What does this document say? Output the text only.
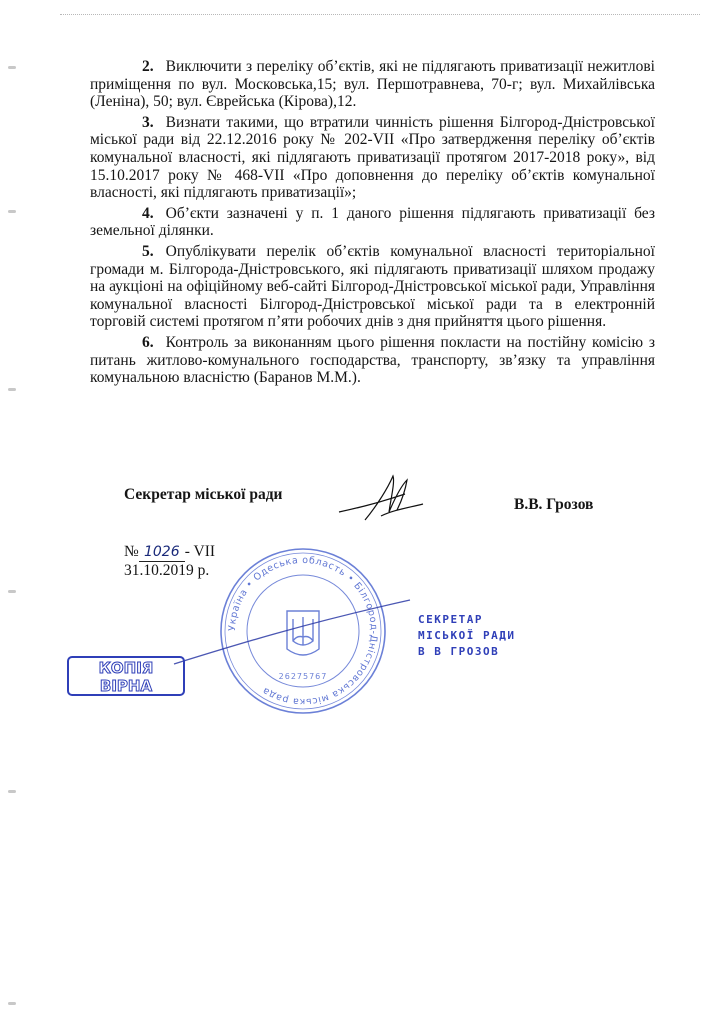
2. Виключити з переліку об’єктів, які не підлягають приватизації нежитлові приміщення по вул. Московська,15; вул. Першотравнева, 70-г; вул. Михайлівська (Леніна), 50; вул. Єврейська (Кірова),12.

3. Визнати такими, що втратили чинність рішення Білгород-Дністровської міської ради від 22.12.2016 року № 202-VII «Про затвердження переліку об’єктів комунальної власності, які підлягають приватизації протягом 2017-2018 року», від 15.10.2017 року № 468-VII «Про доповнення до переліку об’єктів комунальної власності, які підлягають приватизації»;

4. Об’єкти зазначені у п. 1 даного рішення підлягають приватизації без земельної ділянки.

5. Опублікувати перелік об’єктів комунальної власності територіальної громади м. Білгорода-Дністровського, які підлягають приватизації шляхом продажу на аукціоні на офіційному веб-сайті Білгород-Дністровської міської ради, Управління комунальної власності Білгород-Дністровської міської ради та в електронній торговій системі протягом п’яти робочих днів з дня прийняття цього рішення.

6. Контроль за виконанням цього рішення покласти на постійну комісію з питань житлово-комунального господарства, транспорту, зв’язку та управління комунальною власністю (Баранов М.М.).

Секретар міської ради
В.В. Грозов
№ 1026 - VII
31.10.2019 р.
Україна • Одеська область • Білгород-Дністровська міська рада
26275767
СЕКРЕТАР
МІСЬКОЇ РАДИ
В В ГРОЗОВ
КОПІЯ
ВІРНА
